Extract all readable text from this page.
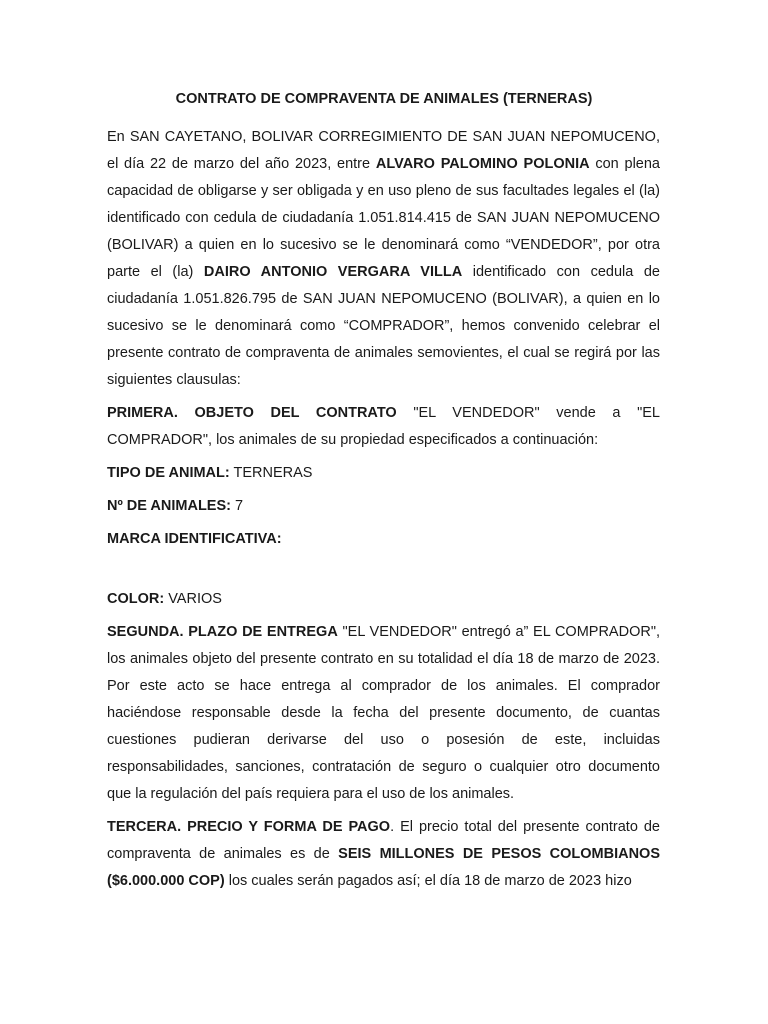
CONTRATO DE COMPRAVENTA DE ANIMALES (TERNERAS)

En SAN CAYETANO, BOLIVAR CORREGIMIENTO DE SAN JUAN NEPOMUCENO, el día 22 de marzo del año 2023, entre ALVARO PALOMINO POLONIA con plena capacidad de obligarse y ser obligada y en uso pleno de sus facultades legales el (la) identificado con cedula de ciudadanía 1.051.814.415 de SAN JUAN NEPOMUCENO (BOLIVAR) a quien en lo sucesivo se le denominará como “VENDEDOR”, por otra parte el (la) DAIRO ANTONIO VERGARA VILLA identificado con cedula de ciudadanía 1.051.826.795 de SAN JUAN NEPOMUCENO (BOLIVAR), a quien en lo sucesivo se le denominará como “COMPRADOR”, hemos convenido celebrar el presente contrato de compraventa de animales semovientes, el cual se regirá por las siguientes clausulas:

PRIMERA. OBJETO DEL CONTRATO "EL VENDEDOR" vende a "EL COMPRADOR", los animales de su propiedad especificados a continuación:

TIPO DE ANIMAL: TERNERAS

Nº DE ANIMALES: 7

MARCA IDENTIFICATIVA:

COLOR: VARIOS

SEGUNDA. PLAZO DE ENTREGA "EL VENDEDOR" entregó a” EL COMPRADOR", los animales objeto del presente contrato en su totalidad el día 18 de marzo de 2023. Por este acto se hace entrega al comprador de los animales. El comprador haciéndose responsable desde la fecha del presente documento, de cuantas cuestiones pudieran derivarse del uso o posesión de este, incluidas responsabilidades, sanciones, contratación de seguro o cualquier otro documento que la regulación del país requiera para el uso de los animales.

TERCERA. PRECIO Y FORMA DE PAGO. El precio total del presente contrato de compraventa de animales es de SEIS MILLONES DE PESOS COLOMBIANOS ($6.000.000 COP) los cuales serán pagados así; el día 18 de marzo de 2023 hizo
